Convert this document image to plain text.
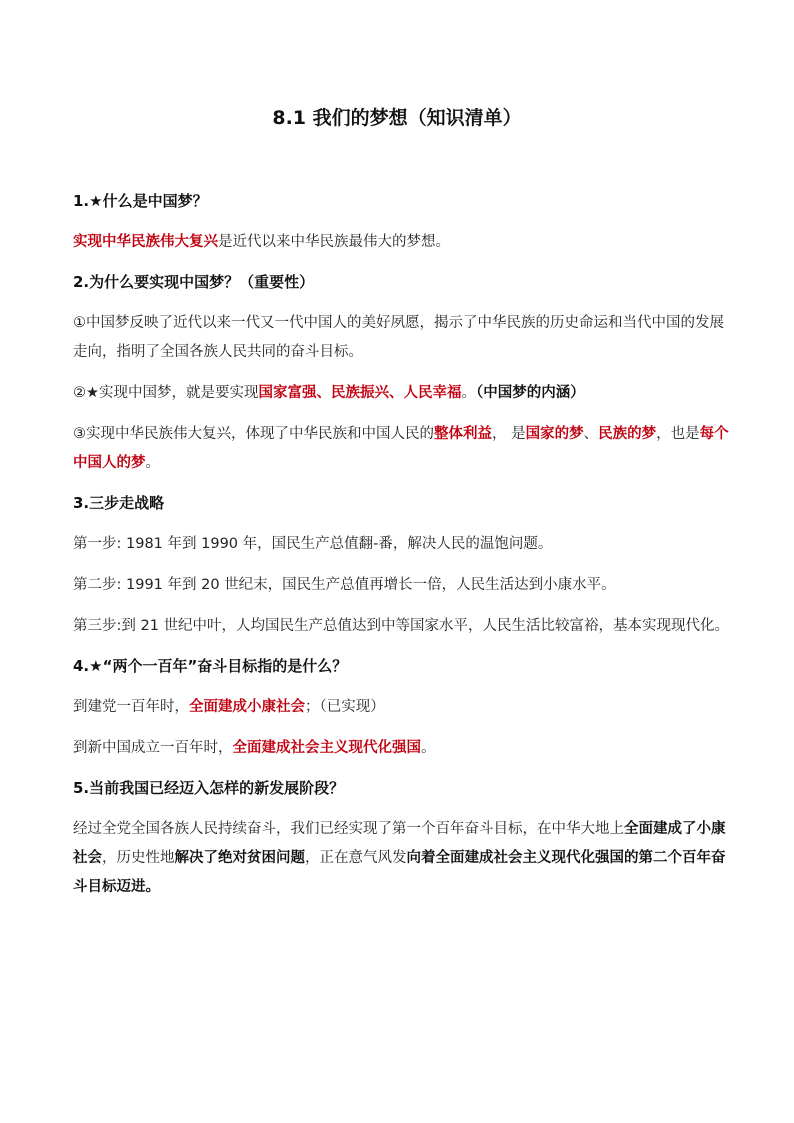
8.1 我们的梦想（知识清单）

1.★什么是中国梦？

实现中华民族伟大复兴是近代以来中华民族最伟大的梦想。

2.为什么要实现中国梦？（重要性）

①中国梦反映了近代以来一代又一代中国人的美好夙愿，揭示了中华民族的历史命运和当代中国的发展走向，指明了全国各族人民共同的奋斗目标。

②★实现中国梦，就是要实现国家富强、民族振兴、人民幸福。（中国梦的内涵）

③实现中华民族伟大复兴，体现了中华民族和中国人民的整体利益， 是国家的梦、民族的梦，也是每个中国人的梦。

3.三步走战略

第一步: 1981 年到 1990 年，国民生产总值翻-番，解决人民的温饱问题。

第二步: 1991 年到 20 世纪末，国民生产总值再增长一倍，人民生活达到小康水平。

第三步:到 21 世纪中叶，人均国民生产总值达到中等国家水平，人民生活比较富裕，基本实现现代化。

4.★“两个一百年”奋斗目标指的是什么？

到建党一百年时，全面建成小康社会；（已实现）

到新中国成立一百年时，全面建成社会主义现代化强国。

5.当前我国已经迈入怎样的新发展阶段？

经过全党全国各族人民持续奋斗，我们已经实现了第一个百年奋斗目标，在中华大地上全面建成了小康社会，历史性地解决了绝对贫困问题，正在意气风发向着全面建成社会主义现代化强国的第二个百年奋斗目标迈进。
